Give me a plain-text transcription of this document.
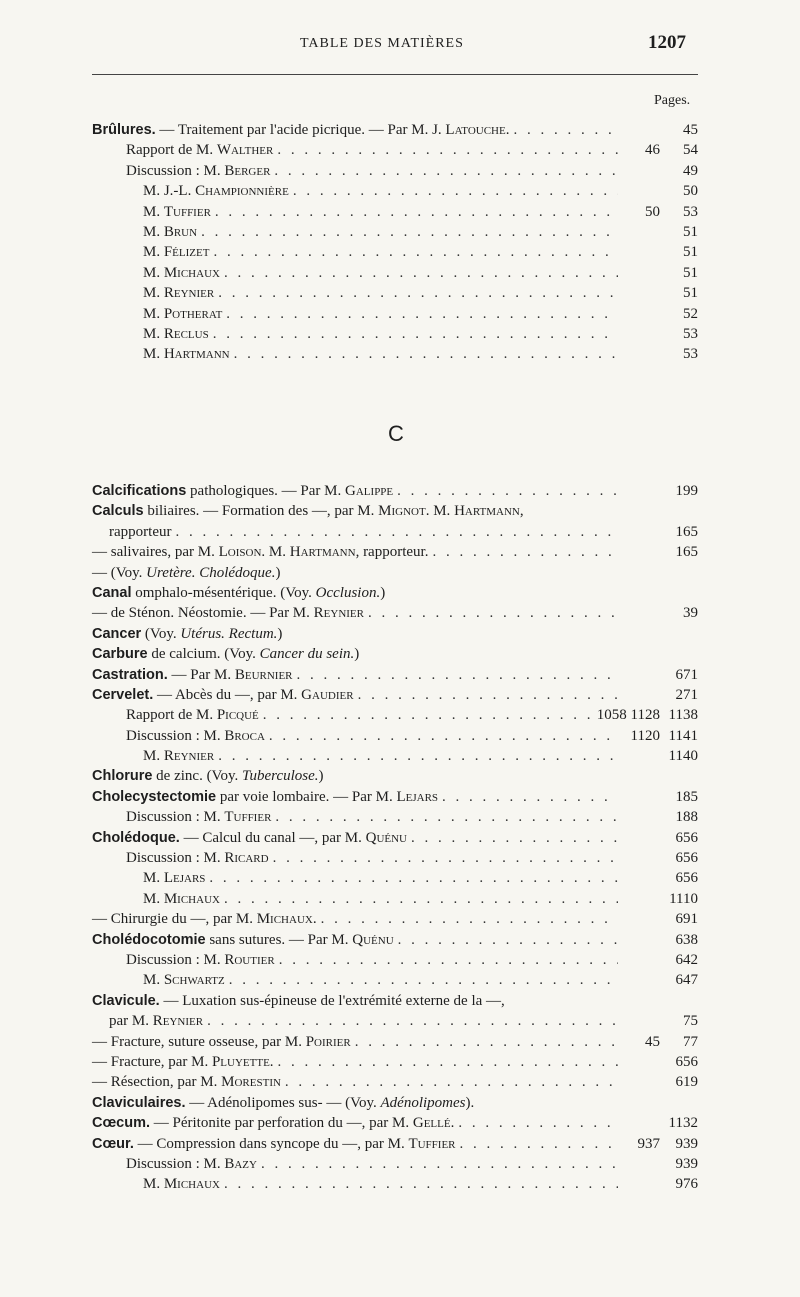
TABLE DES MATIÈRES	1207
Pages.
Brûlures. — Traitement par l'acide picrique. — Par M. J. Latouche. . . .	45
Rapport de M. Walther . . .	46	54
Discussion : M. Berger . . .	49
M. J.-L. Championnière . . .	50
M. Tuffier . . .	50	53
M. Brun . . .	51
M. Félizet . . .	51
M. Michaux . . .	51
M. Reynier . . .	51
M. Potherat . . .	52
M. Reclus . . .	53
M. Hartmann . . .	53
C
Calcifications pathologiques. — Par M. Galippe . . .	199
Calculs biliaires. — Formation des —, par M. Mignot. M. Hartmann,
rapporteur . . .	165
— salivaires, par M. Loison. M. Hartmann, rapporteur. . . .	165
— (Voy. Uretère. Cholédoque.)
Canal omphalo-mésentérique. (Voy. Occlusion.)
— de Sténon. Néostomie. — Par M. Reynier . . .	39
Cancer (Voy. Utérus. Rectum.)
Carbure de calcium. (Voy. Cancer du sein.)
Castration. — Par M. Beurnier . . .	671
Cervelet. — Abcès du —, par M. Gaudier . . .	271
Rapport de M. Picqué . . .	1058 1128 1138
Discussion : M. Broca . . .	1120 1141
M. Reynier . . .	1140
Chlorure de zinc. (Voy. Tuberculose.)
Cholecystectomie par voie lombaire. — Par M. Lejars . . .	185
Discussion : M. Tuffier . . .	188
Cholédoque. — Calcul du canal —, par M. Quénu . . .	656
Discussion : M. Ricard . . .	656
M. Lejars . . .	656
M. Michaux . . .	1110
— Chirurgie du —, par M. Michaux. . . .	691
Cholédocotomie sans sutures. — Par M. Quénu . . .	638
Discussion : M. Routier . . .	642
M. Schwartz . . .	647
Clavicule. — Luxation sus-épineuse de l'extrémité externe de la —,
par M. Reynier . . .	75
— Fracture, suture osseuse, par M. Poirier . . .	45	77
— Fracture, par M. Pluyette. . . .	656
— Résection, par M. Morestin . . .	619
Claviculaires. — Adénolipomes sus- — (Voy. Adénolipomes).
Cœcum. — Péritonite par perforation du —, par M. Gellé. . . .	1132
Cœur. — Compression dans syncope du —, par M. Tuffier . . .	937	939
Discussion : M. Bazy . . .	939
M. Michaux . . .	976
